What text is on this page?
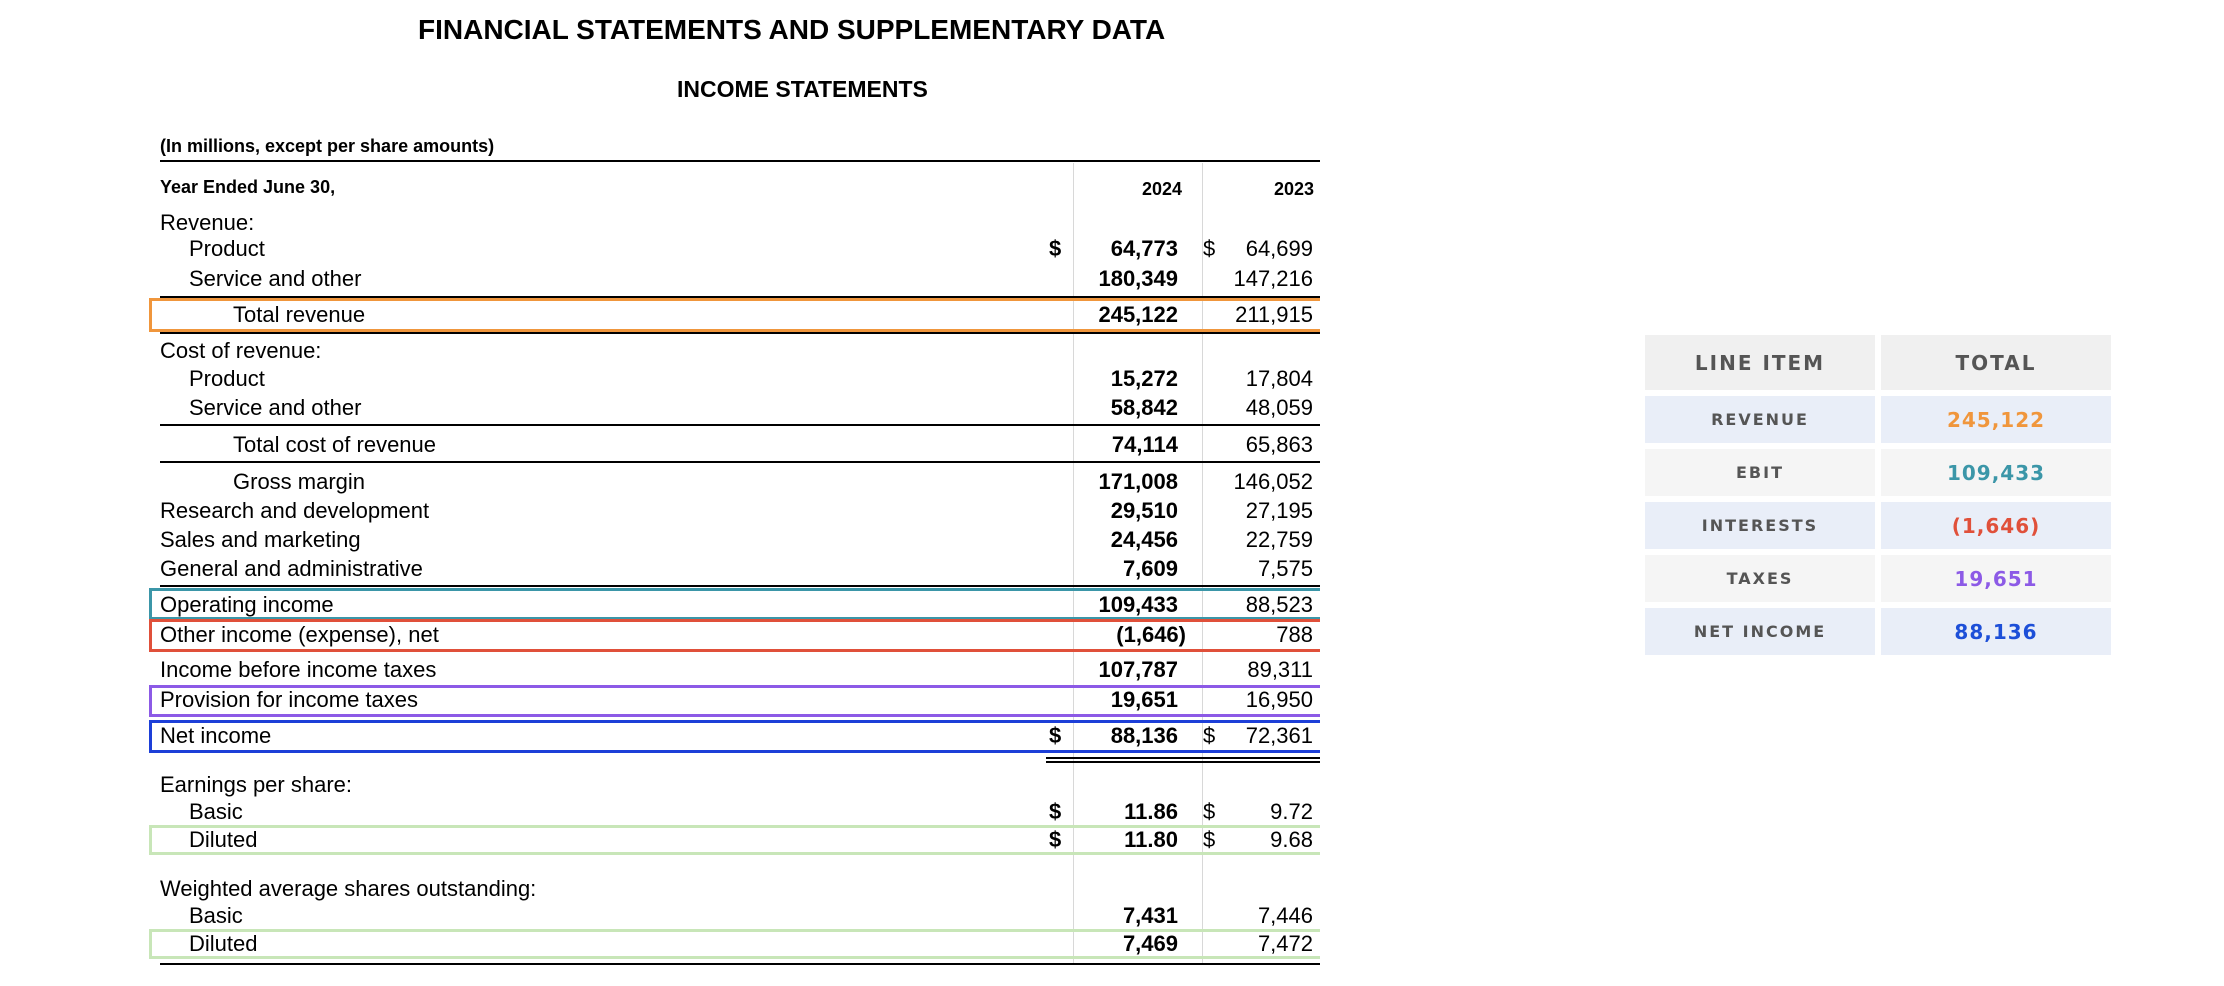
FINANCIAL STATEMENTS AND SUPPLEMENTARY DATA
INCOME STATEMENTS
(In millions, except per share amounts)
Year Ended June 30,	2024	2023
Revenue:
Product	$	64,773 $	64,699
Service and other	180,349	147,216
Total revenue	245,122	211,915
Cost of revenue:
Product	15,272	17,804
Service and other	58,842	48,059
Total cost of revenue	74,114	65,863
Gross margin	171,008	146,052
Research and development	29,510	27,195
Sales and marketing	24,456	22,759
General and administrative	7,609	7,575
Operating income	109,433	88,523
Other income (expense), net	(1,646)	788
Income before income taxes	107,787	89,311
Provision for income taxes	19,651	16,950
Net income	$	88,136 $	72,361
Earnings per share:
Basic	$	11.86 $	9.72
Diluted	$	11.80 $	9.68
Weighted average shares outstanding:
Basic	7,431	7,446
Diluted	7,469	7,472
LINE ITEM	TOTAL
REVENUE	245,122
EBIT	109,433
INTERESTS	(1,646)
TAXES	19,651
NET INCOME	88,136
